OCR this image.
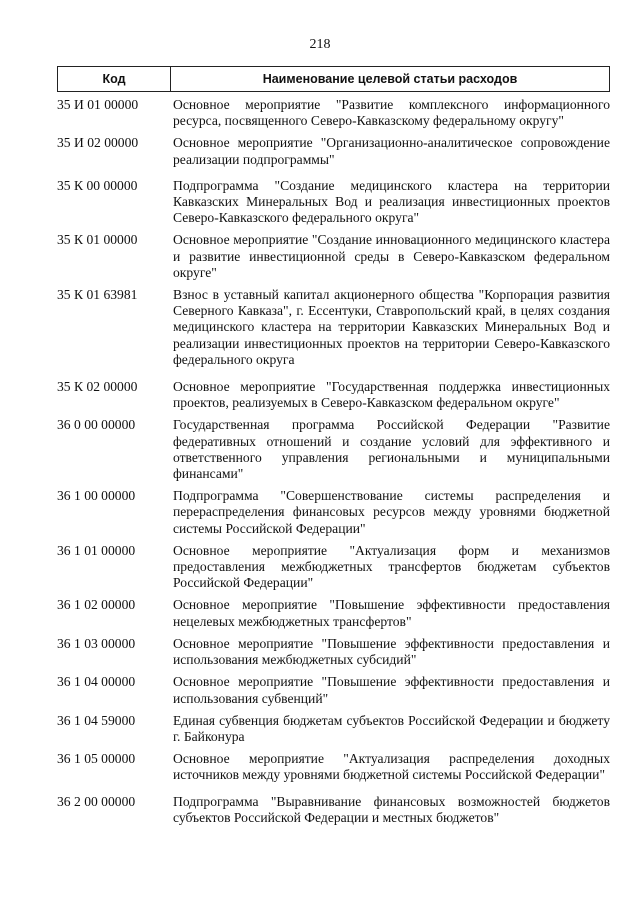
218
Код	Наименование целевой статьи расходов
35 И 01 00000	Основное мероприятие "Развитие комплексного информационного ресурса, посвященного Северо-Кавказскому федеральному округу"
35 И 02 00000	Основное мероприятие "Организационно-аналитическое сопровождение реализации подпрограммы"
35 К 00 00000	Подпрограмма "Создание медицинского кластера на территории Кавказских Минеральных Вод и реализация инвестиционных проектов Северо-Кавказского федерального округа"
35 К 01 00000	Основное мероприятие "Создание инновационного медицинского кластера и развитие инвестиционной среды в Северо-Кавказском федеральном округе"
35 К 01 63981	Взнос в уставный капитал акционерного общества "Корпорация развития Северного Кавказа", г. Ессентуки, Ставропольский край, в целях создания медицинского кластера на территории Кавказских Минеральных Вод и реализации инвестиционных проектов на территории Северо-Кавказского федерального округа
35 К 02 00000	Основное мероприятие "Государственная поддержка инвестиционных проектов, реализуемых в Северо-Кавказском федеральном округе"
36 0 00 00000	Государственная программа Российской Федерации "Развитие федеративных отношений и создание условий для эффективного и ответственного управления региональными и муниципальными финансами"
36 1 00 00000	Подпрограмма "Совершенствование системы распределения и перераспределения финансовых ресурсов между уровнями бюджетной системы Российской Федерации"
36 1 01 00000	Основное мероприятие "Актуализация форм и механизмов предоставления межбюджетных трансфертов бюджетам субъектов Российской Федерации"
36 1 02 00000	Основное мероприятие "Повышение эффективности предоставления нецелевых межбюджетных трансфертов"
36 1 03 00000	Основное мероприятие "Повышение эффективности предоставления и использования межбюджетных субсидий"
36 1 04 00000	Основное мероприятие "Повышение эффективности предоставления и использования субвенций"
36 1 04 59000	Единая субвенция бюджетам субъектов Российской Федерации и бюджету г. Байконура
36 1 05 00000	Основное мероприятие "Актуализация распределения доходных источников между уровнями бюджетной системы Российской Федерации"
36 2 00 00000	Подпрограмма "Выравнивание финансовых возможностей бюджетов субъектов Российской Федерации и местных бюджетов"
